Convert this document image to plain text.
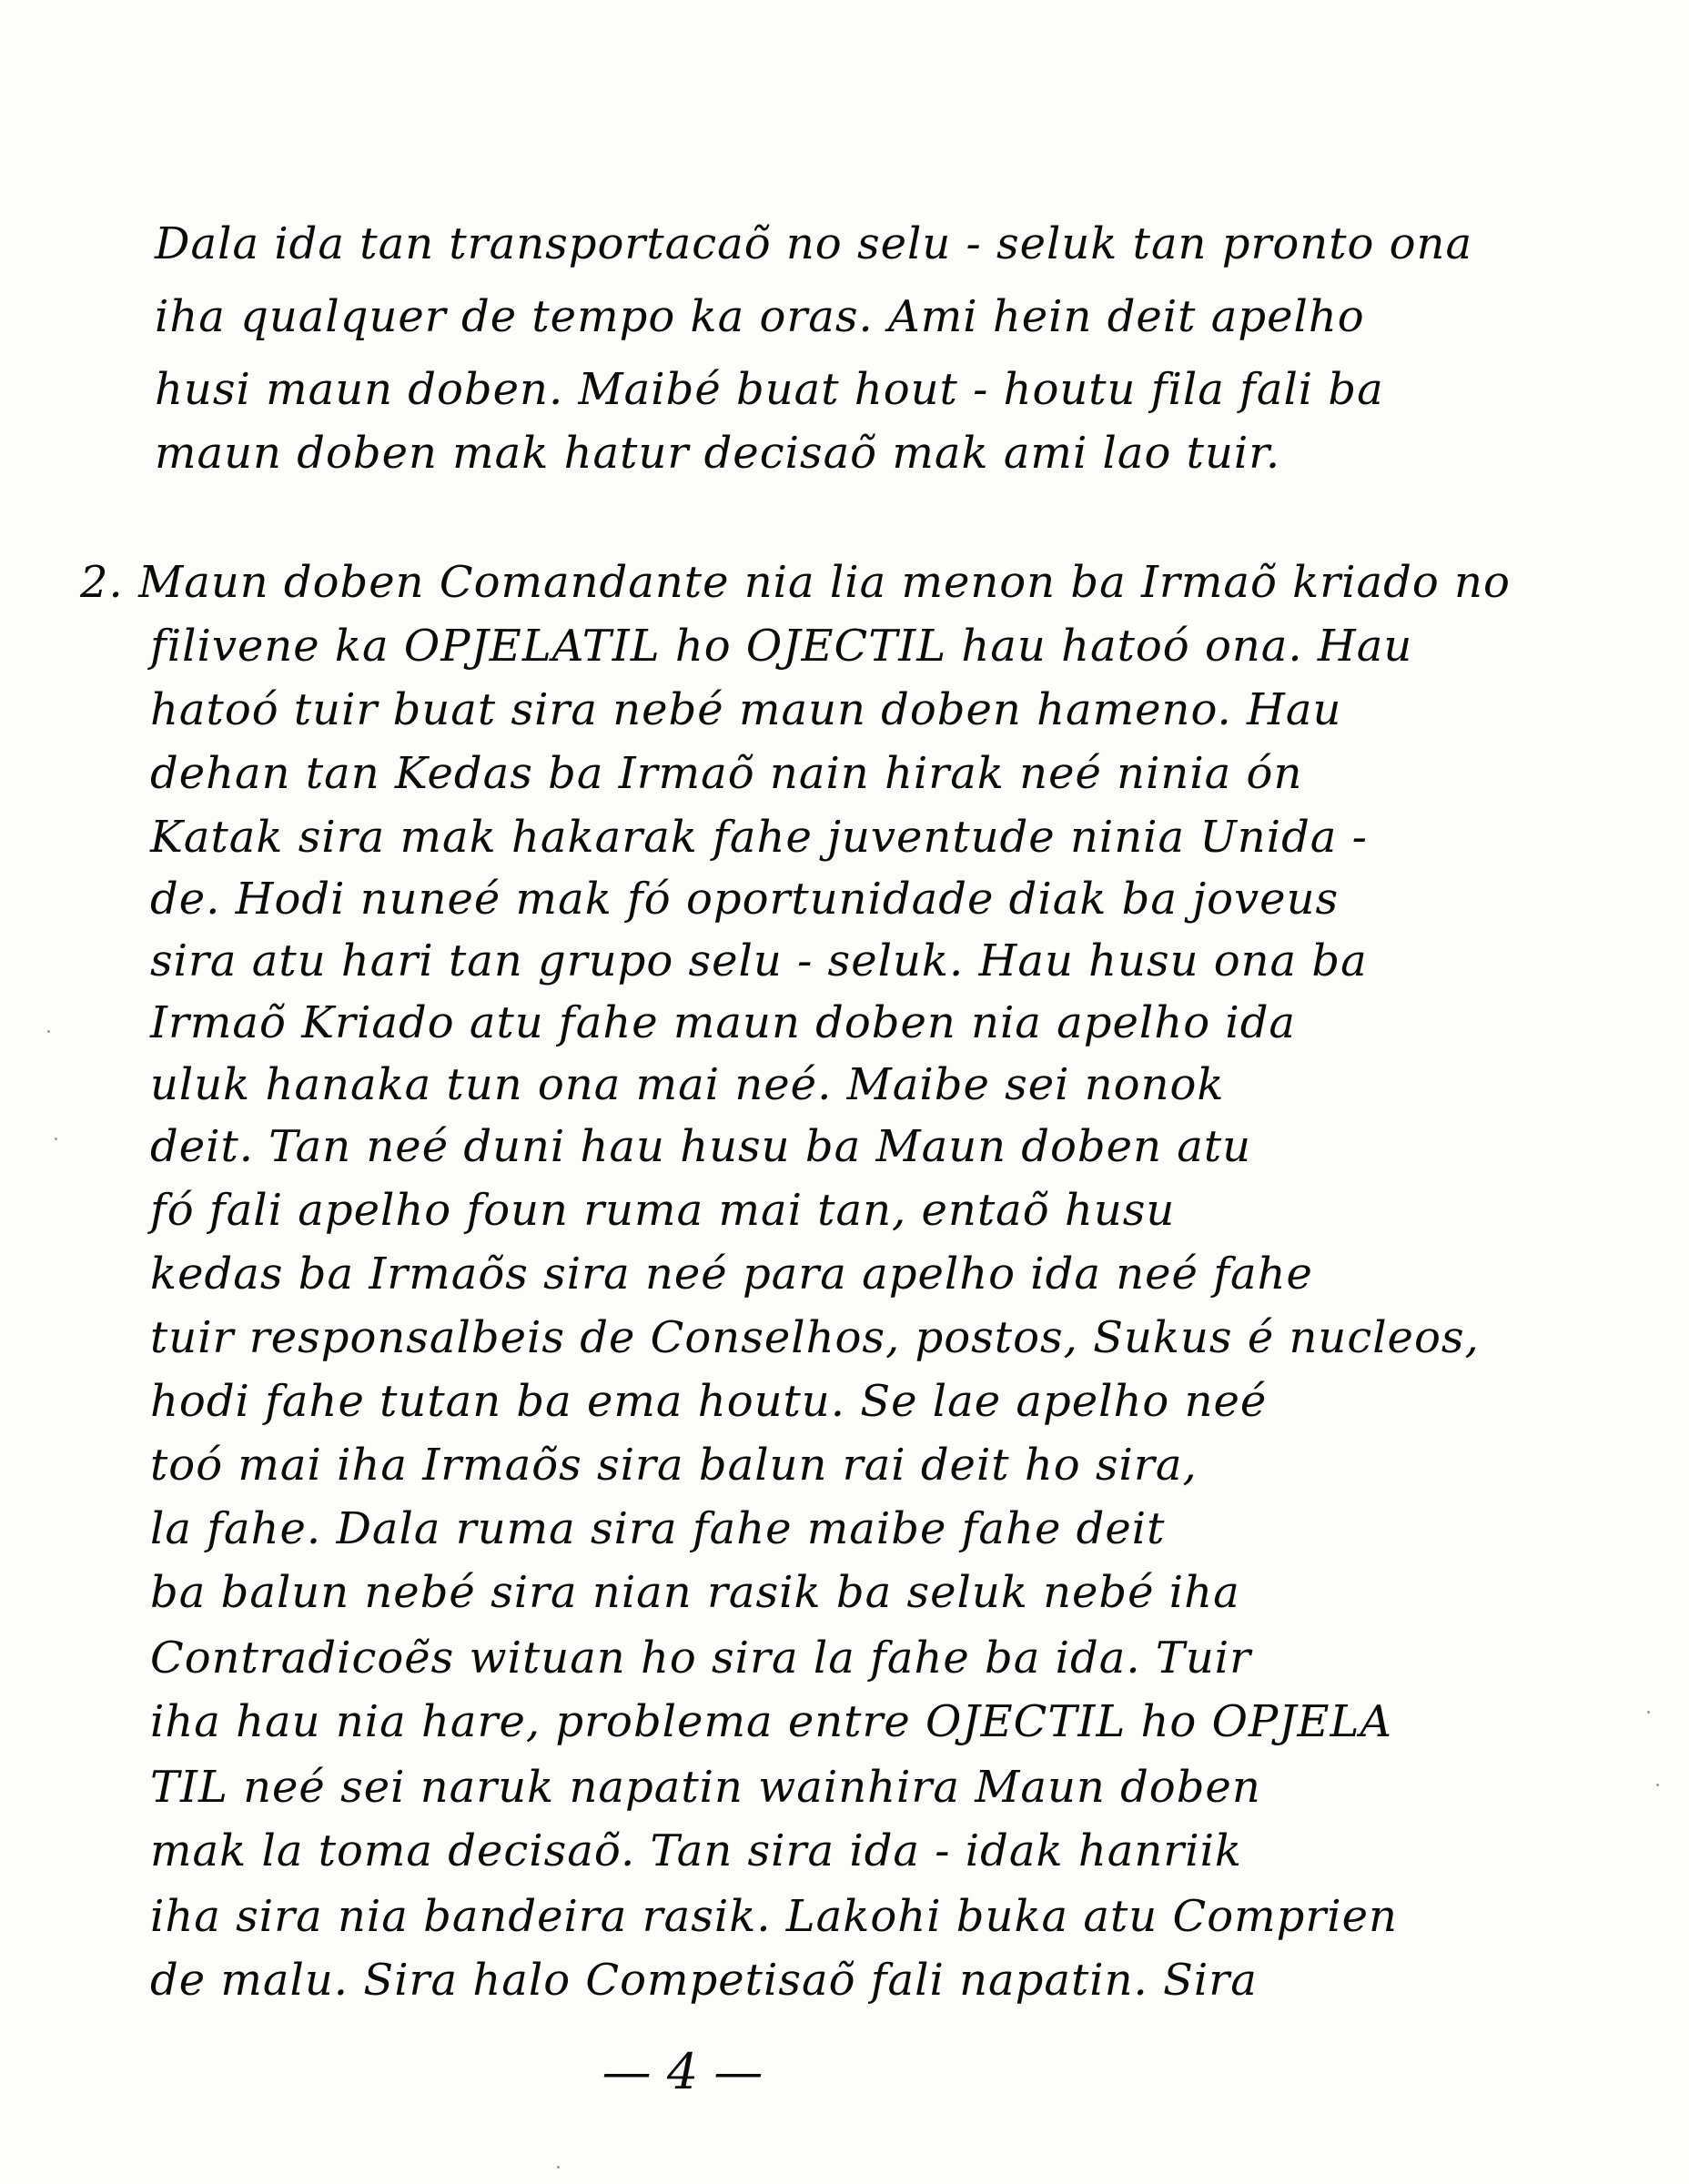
Dala ida tan transportacaõ no selu - seluk tan pronto ona
iha qualquer de tempo ka oras. Ami hein deit apelho
husi maun doben. Maibé buat hout - houtu fila fali ba
maun doben mak hatur decisaõ mak ami lao tuir.
2. Maun doben Comandante nia lia menon ba Irmaõ kriado no
filivene ka OPJELATIL ho OJECTIL hau hatoó ona. Hau
hatoó tuir buat sira nebé maun doben hameno. Hau
dehan tan Kedas ba Irmaõ nain hirak neé ninia ón
Katak sira mak hakarak fahe juventude ninia Unida -
de. Hodi nuneé mak fó oportunidade diak ba joveus
sira atu hari tan grupo selu - seluk. Hau husu ona ba
Irmaõ Kriado atu fahe maun doben nia apelho ida
uluk hanaka tun ona mai neé. Maibe sei nonok
deit. Tan neé duni hau husu ba Maun doben atu
fó fali apelho foun ruma mai tan, entaõ husu
kedas ba Irmaõs sira neé para apelho ida neé fahe
tuir responsalbeis de Conselhos, postos, Sukus é nucleos,
hodi fahe tutan ba ema houtu. Se lae apelho neé
toó mai iha Irmaõs sira balun rai deit ho sira,
la fahe. Dala ruma sira fahe maibe fahe deit
ba balun nebé sira nian rasik ba seluk nebé iha
Contradicoẽs wituan ho sira la fahe ba ida. Tuir
iha hau nia hare, problema entre OJECTIL ho OPJELA
TIL neé sei naruk napatin wainhira Maun doben
mak la toma decisaõ. Tan sira ida - idak hanriik
iha sira nia bandeira rasik. Lakohi buka atu Comprien
de malu. Sira halo Competisaõ fali napatin. Sira
— 4 —
